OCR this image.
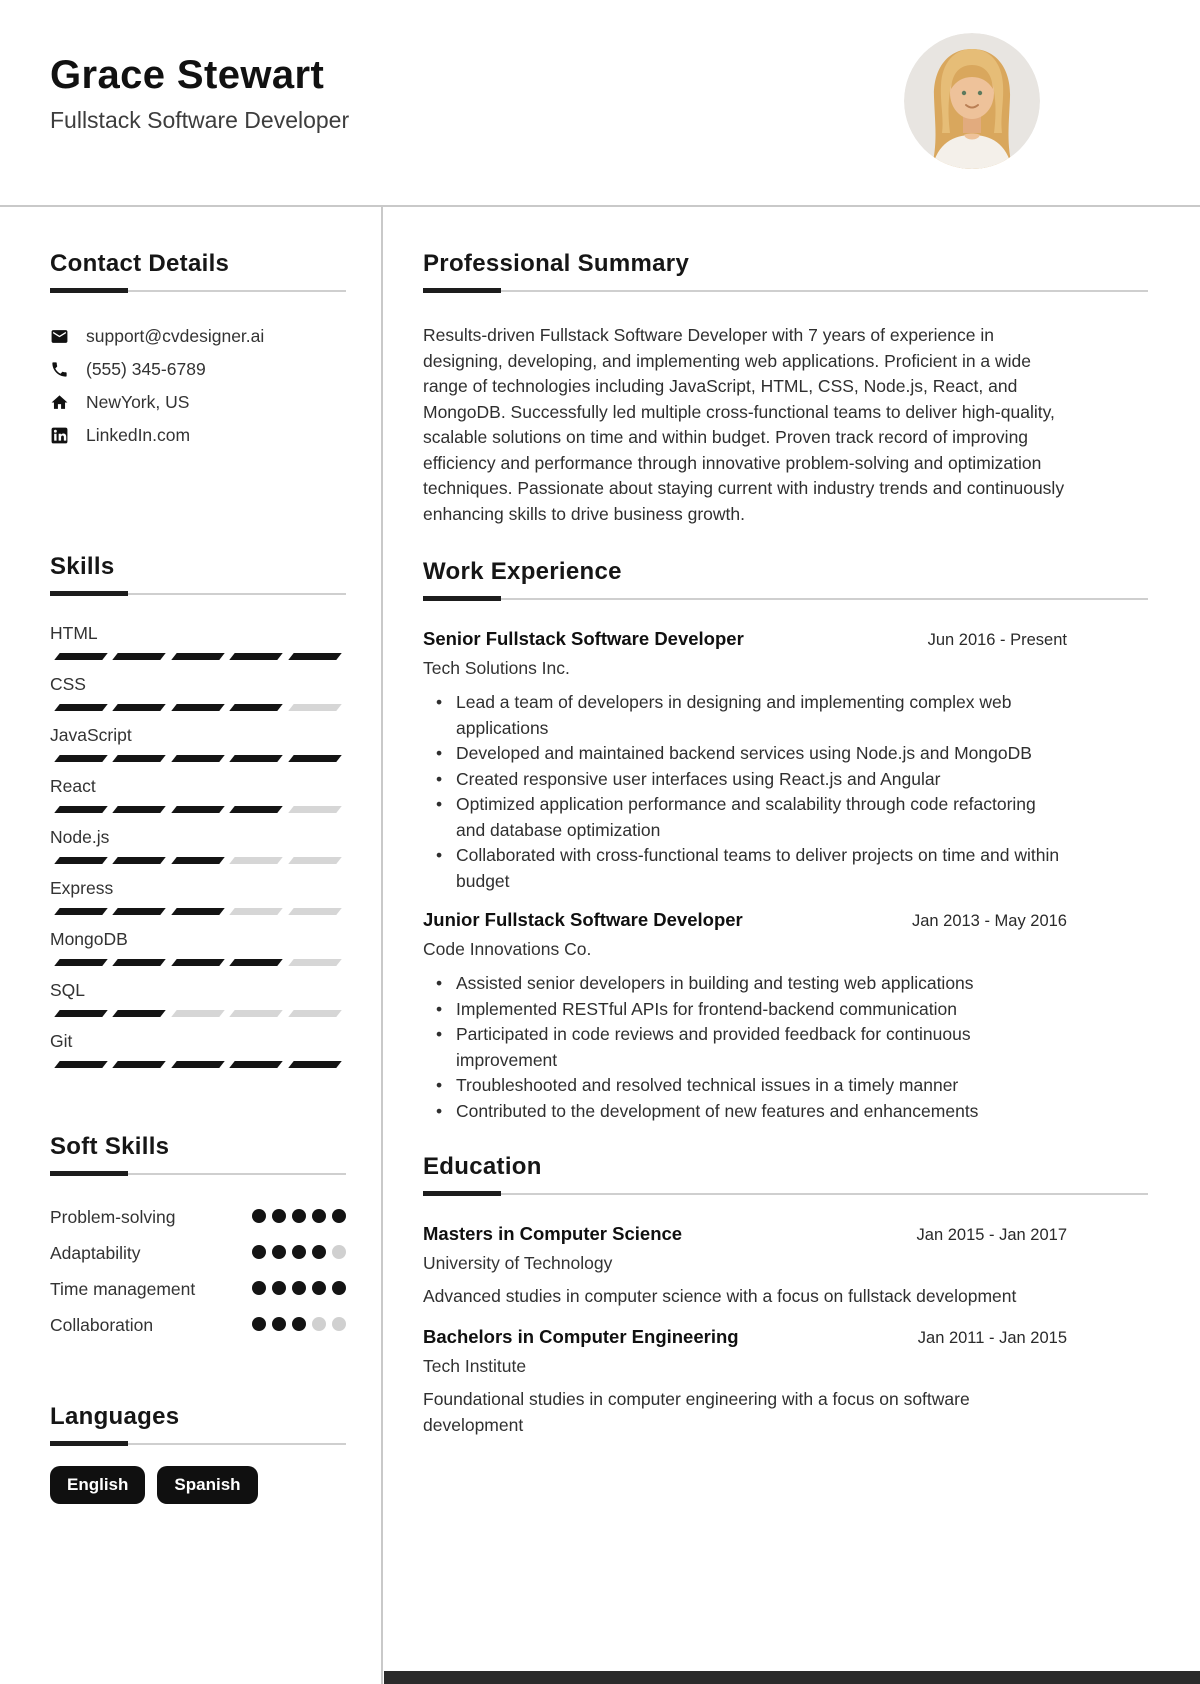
Grace Stewart
Fullstack Software Developer
Contact Details
support@cvdesigner.ai
(555) 345-6789
NewYork, US
LinkedIn.com
Skills
HTML
CSS
JavaScript
React
Node.js
Express
MongoDB
SQL
Git
Soft Skills
Problem-solving
Adaptability
Time management
Collaboration
Languages
English	Spanish
Professional Summary

Results-driven Fullstack Software Developer with 7 years of experience in designing, developing, and implementing web applications. Proficient in a wide range of technologies including JavaScript, HTML, CSS, Node.js, React, and MongoDB. Successfully led multiple cross-functional teams to deliver high-quality, scalable solutions on time and within budget. Proven track record of improving efficiency and performance through innovative problem-solving and optimization techniques. Passionate about staying current with industry trends and continuously enhancing skills to drive business growth.

Work Experience
Senior Fullstack Software Developer	Jun 2016 - Present
Tech Solutions Inc.
• Lead a team of developers in designing and implementing complex web applications
• Developed and maintained backend services using Node.js and MongoDB
• Created responsive user interfaces using React.js and Angular
• Optimized application performance and scalability through code refactoring and database optimization
• Collaborated with cross-functional teams to deliver projects on time and within budget
Junior Fullstack Software Developer	Jan 2013 - May 2016
Code Innovations Co.
• Assisted senior developers in building and testing web applications
• Implemented RESTful APIs for frontend-backend communication
• Participated in code reviews and provided feedback for continuous improvement
• Troubleshooted and resolved technical issues in a timely manner
• Contributed to the development of new features and enhancements
Education
Masters in Computer Science	Jan 2015 - Jan 2017
University of Technology
Advanced studies in computer science with a focus on fullstack development
Bachelors in Computer Engineering	Jan 2011 - Jan 2015
Tech Institute
Foundational studies in computer engineering with a focus on software development
